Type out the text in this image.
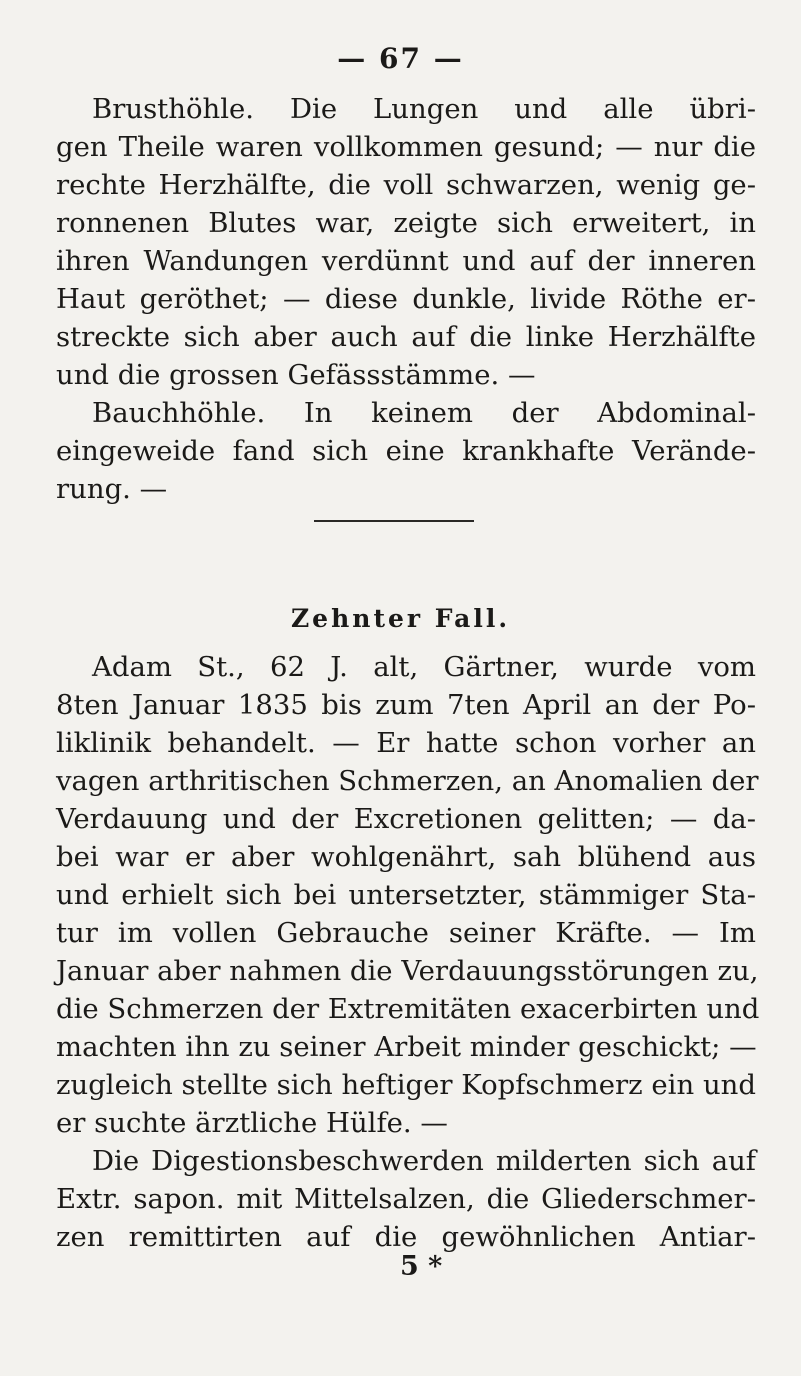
— 67 —
Brusthöhle. Die Lungen und alle übri-
gen Theile waren vollkommen gesund; — nur die
rechte Herzhälfte, die voll schwarzen, wenig ge-
ronnenen Blutes war, zeigte sich erweitert, in
ihren Wandungen verdünnt und auf der inneren
Haut geröthet; — diese dunkle, livide Röthe er-
streckte sich aber auch auf die linke Herzhälfte
und die grossen Gefässstämme. —
Bauchhöhle. In keinem der Abdominal-
eingeweide fand sich eine krankhafte Verände-
rung. —
Zehnter Fall.
Adam St., 62 J. alt, Gärtner, wurde vom
8ten Januar 1835 bis zum 7ten April an der Po-
liklinik behandelt. — Er hatte schon vorher an
vagen arthritischen Schmerzen, an Anomalien der
Verdauung und der Excretionen gelitten; — da-
bei war er aber wohlgenährt, sah blühend aus
und erhielt sich bei untersetzter, stämmiger Sta-
tur im vollen Gebrauche seiner Kräfte. — Im
Januar aber nahmen die Verdauungsstörungen zu,
die Schmerzen der Extremitäten exacerbirten und
machten ihn zu seiner Arbeit minder geschickt; —
zugleich stellte sich heftiger Kopfschmerz ein und
er suchte ärztliche Hülfe. —
Die Digestionsbeschwerden milderten sich auf
Extr. sapon. mit Mittelsalzen, die Gliederschmer-
zen remittirten auf die gewöhnlichen Antiar-
5 *
